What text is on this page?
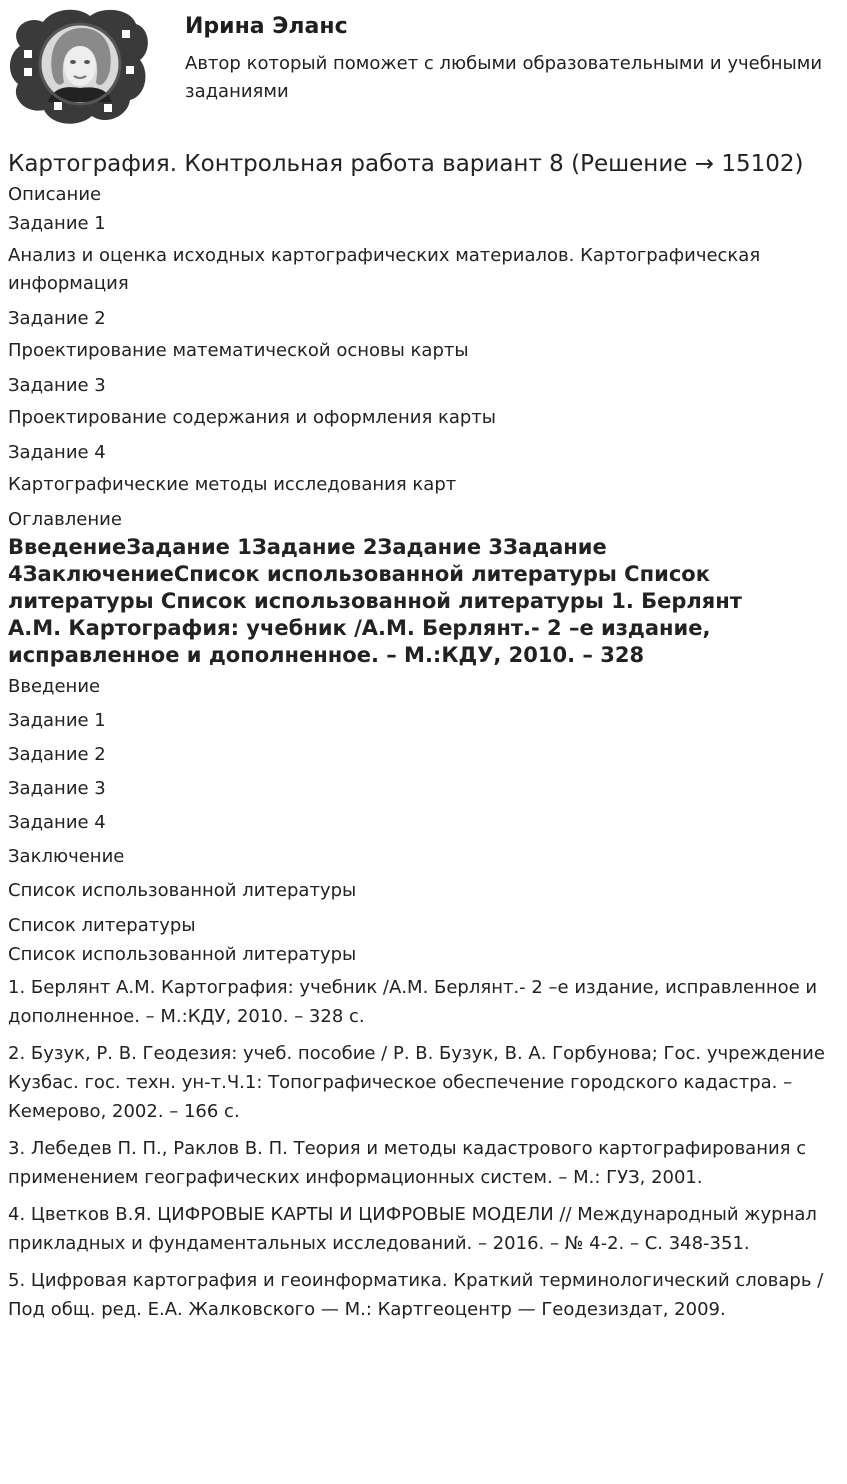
Ирина Эланс
Автор который поможет с любыми образовательными и учебными заданиями
Картография. Контрольная работа вариант 8 (Решение → 15102)
Описание
Задание 1
Анализ и оценка исходных картографических материалов. Картографическая информация
Задание 2
Проектирование математической основы карты
Задание 3
Проектирование содержания и оформления карты
Задание 4
Картографические методы исследования карт
Оглавление
ВведениеЗадание 1Задание 2Задание 3Задание 4ЗаключениеСписок использованной литературы Список литературы Список использованной литературы 1. Берлянт А.М. Картография: учебник /А.М. Берлянт.- 2 –е издание, исправленное и дополненное. – М.:КДУ, 2010. – 328
Введение
Задание 1
Задание 2
Задание 3
Задание 4
Заключение
Список использованной литературы
Список литературы
Список использованной литературы
1. Берлянт А.М. Картография: учебник /А.М. Берлянт.- 2 –е издание, исправленное и дополненное. – М.:КДУ, 2010. – 328 с.
2. Бузук, Р. В. Геодезия: учеб. пособие / Р. В. Бузук, В. А. Горбунова; Гос. учреждение Кузбас. гос. техн. ун-т.Ч.1: Топографическое обеспечение городского кадастра. – Кемерово, 2002. – 166 с.
3. Лебедев П. П., Раклов В. П. Теория и методы кадастрового картографирования с применением географических информационных систем. – М.: ГУЗ, 2001.
4. Цветков В.Я. ЦИФРОВЫЕ КАРТЫ И ЦИФРОВЫЕ МОДЕЛИ // Международный журнал прикладных и фундаментальных исследований. – 2016. – № 4-2. – С. 348-351.
5. Цифровая картография и геоинформатика. Краткий терминологический словарь / Под общ. ред. Е.А. Жалковского — М.: Картгеоцентр — Геодезиздат, 2009.
